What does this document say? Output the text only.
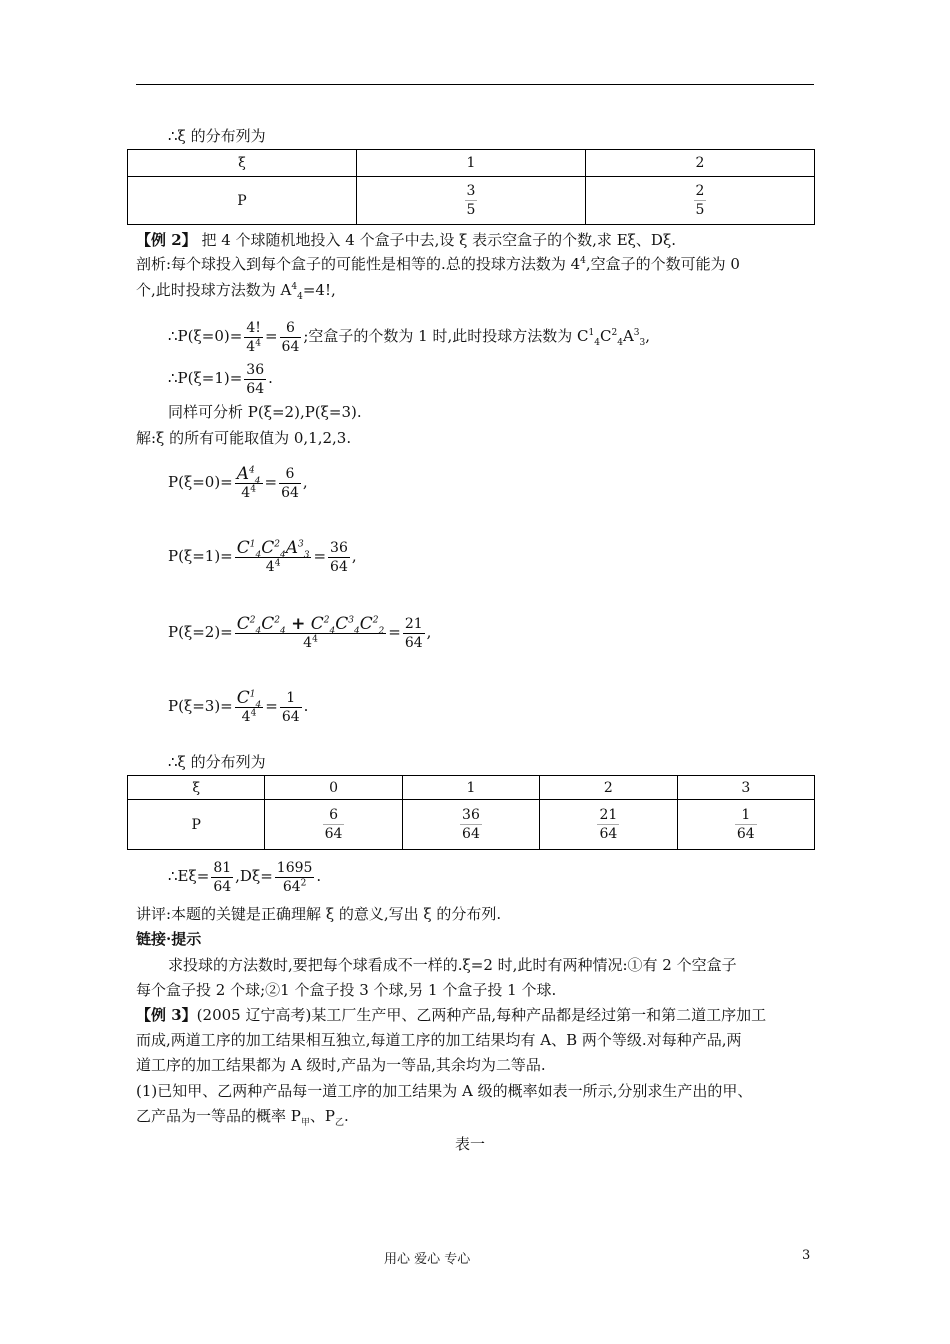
∴ξ 的分布列为
ξ	1	2
P	$\frac{3}{5}$	$\frac{2}{5}$
【例 2】 把 4 个球随机地投入 4 个盒子中去,设 ξ 表示空盒子的个数,求 Eξ、Dξ.
剖析:每个球投入到每个盒子的可能性是相等的.总的投球方法数为 $4^4$,空盒子的个数可能为 0
个,此时投球方法数为 $A^4_4=4$!,
∴P(ξ=0)= $\frac{4!}{4^4} = \frac{6}{64}$ ;空盒子的个数为 1 时,此时投球方法数为 $C^1_4C^2_4A^3_3$,
∴P(ξ=1)= $\frac{36}{64}$ .
同样可分析 P(ξ=2),P(ξ=3).
解:ξ 的所有可能取值为 0,1,2,3.
$P(\xi=0)= A^4_4$
$4^4 = \frac{6}{64}$ ,
$P(\xi=1)= C^1_4C^2_4A^3_3$
$4^4$	= $\frac{36}{64}$ ,
$P(\xi=2)= C^2_4C^2_4 + C^2_4C^3_4C^2_2$
$4^4$	= $\frac{21}{64}$ ,
$P(\xi=3)= C^1_4$
$4^4 = \frac{1}{64}$ .
∴ξ 的分布列为
ξ	0	1	2	3
P	$\frac{6}{64}$	$\frac{36}{64}$	$\frac{21}{64}$	$\frac{1}{64}$
∴Eξ= $\frac{81}{64} ,D\xi= \frac{1695}{64^2}$ .
讲评:本题的关键是正确理解 ξ 的意义,写出 ξ 的分布列.
链接·提示
求投球的方法数时,要把每个球看成不一样的.ξ=2 时,此时有两种情况:①有 2 个空盒子
每个盒子投 2 个球;②1 个盒子投 3 个球,另 1 个盒子投 1 个球.
【例 3】(2005 辽宁高考)某工厂生产甲、乙两种产品,每种产品都是经过第一和第二道工序加工
而成,两道工序的加工结果相互独立,每道工序的加工结果均有 A、B 两个等级.对每种产品,两
道工序的加工结果都为 A 级时,产品为一等品,其余均为二等品.
(1)已知甲、乙两种产品每一道工序的加工结果为 A 级的概率如表一所示,分别求生产出的甲、
乙产品为一等品的概率 $P_甲$、$P_乙$.
表一
用心 爱心 专心	3
